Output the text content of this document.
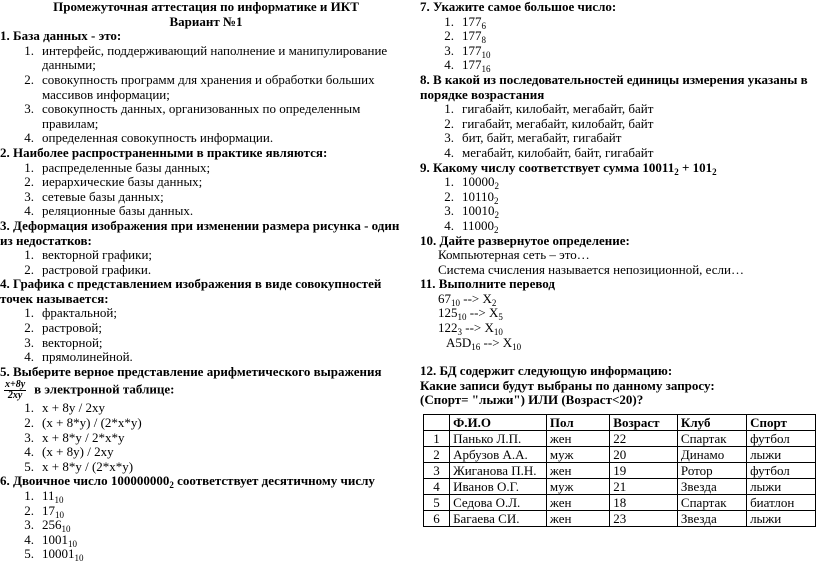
Промежуточная аттестация по информатике и ИКТ
Вариант №1
1. База данных - это:
1. интерфейс, поддерживающий наполнение и манипулирование данными;
2. совокупность программ для хранения и обработки больших массивов информации;
3. совокупность данных, организованных по определенным правилам;
4. определенная совокупность информации.
2. Наиболее распространенными в практике являются:
1. распределенные базы данных;
2. иерархические базы данных;
3. сетевые базы данных;
4. реляционные базы данных.
3. Деформация изображения при изменении размера рисунка - один из недостатков:
1. векторной графики;
2. растровой графики.
4. Графика с представлением изображения в виде совокупностей точек называется:
1. фрактальной;
2. растровой;
3. векторной;
4. прямолинейной.
5. Выберите верное представление арифметического выражения
$\frac{x+8y}{2xy}$ в электронной таблице:
1. x + 8y / 2xy
2. (x + 8*y) / (2*x*y)
3. x + 8*y / 2*x*y
4. (x + 8y) / 2xy
5. x + 8*y / (2*x*y)
6. Двоичное число $100000000_2$ соответствует десятичному числу
1. $11_{10}$
2. $17_{10}$
3. $256_{10}$
4. $1001_{10}$
5. $10001_{10}$
7. Укажите самое большое число:
1. $177_6$
2. $177_8$
3. $177_{10}$
4. $177_{16}$
8. В какой из последовательностей единицы измерения указаны в порядке возрастания
1. гигабайт, килобайт, мегабайт, байт
2. гигабайт, мегабайт, килобайт, байт
3. бит, байт, мегабайт, гигабайт
4. мегабайт, килобайт, байт, гигабайт
9. Какому числу соответствует сумма $10011_2 + 101_2$
1. $10000_2$
2. $10110_2$
3. $10010_2$
4. $11000_2$
10. Дайте развернутое определение:
Компьютерная сеть – это…
Система счисления называется непозиционной, если…
11. Выполните перевод
$67_{10}$ --> $X_2$
$125_{10}$ --> $X_5$
$122_3$ --> $X_{10}$
$A5D_{16}$ --> $X_{10}$
12. БД содержит следующую информацию:
Какие записи будут выбраны по данному запросу:
(Спорт= "лыжи") ИЛИ (Возраст<20)?
	Ф.И.О	Пол	Возраст	Клуб	Спорт
1	Панько Л.П.	жен	22	Спартак	футбол
2	Арбузов А.А.	муж	20	Динамо	лыжи
3	Жиганова П.Н.	жен	19	Ротор	футбол
4	Иванов О.Г.	муж	21	Звезда	лыжи
5	Седова О.Л.	жен	18	Спартак	биатлон
6	Багаева СИ.	жен	23	Звезда	лыжи
